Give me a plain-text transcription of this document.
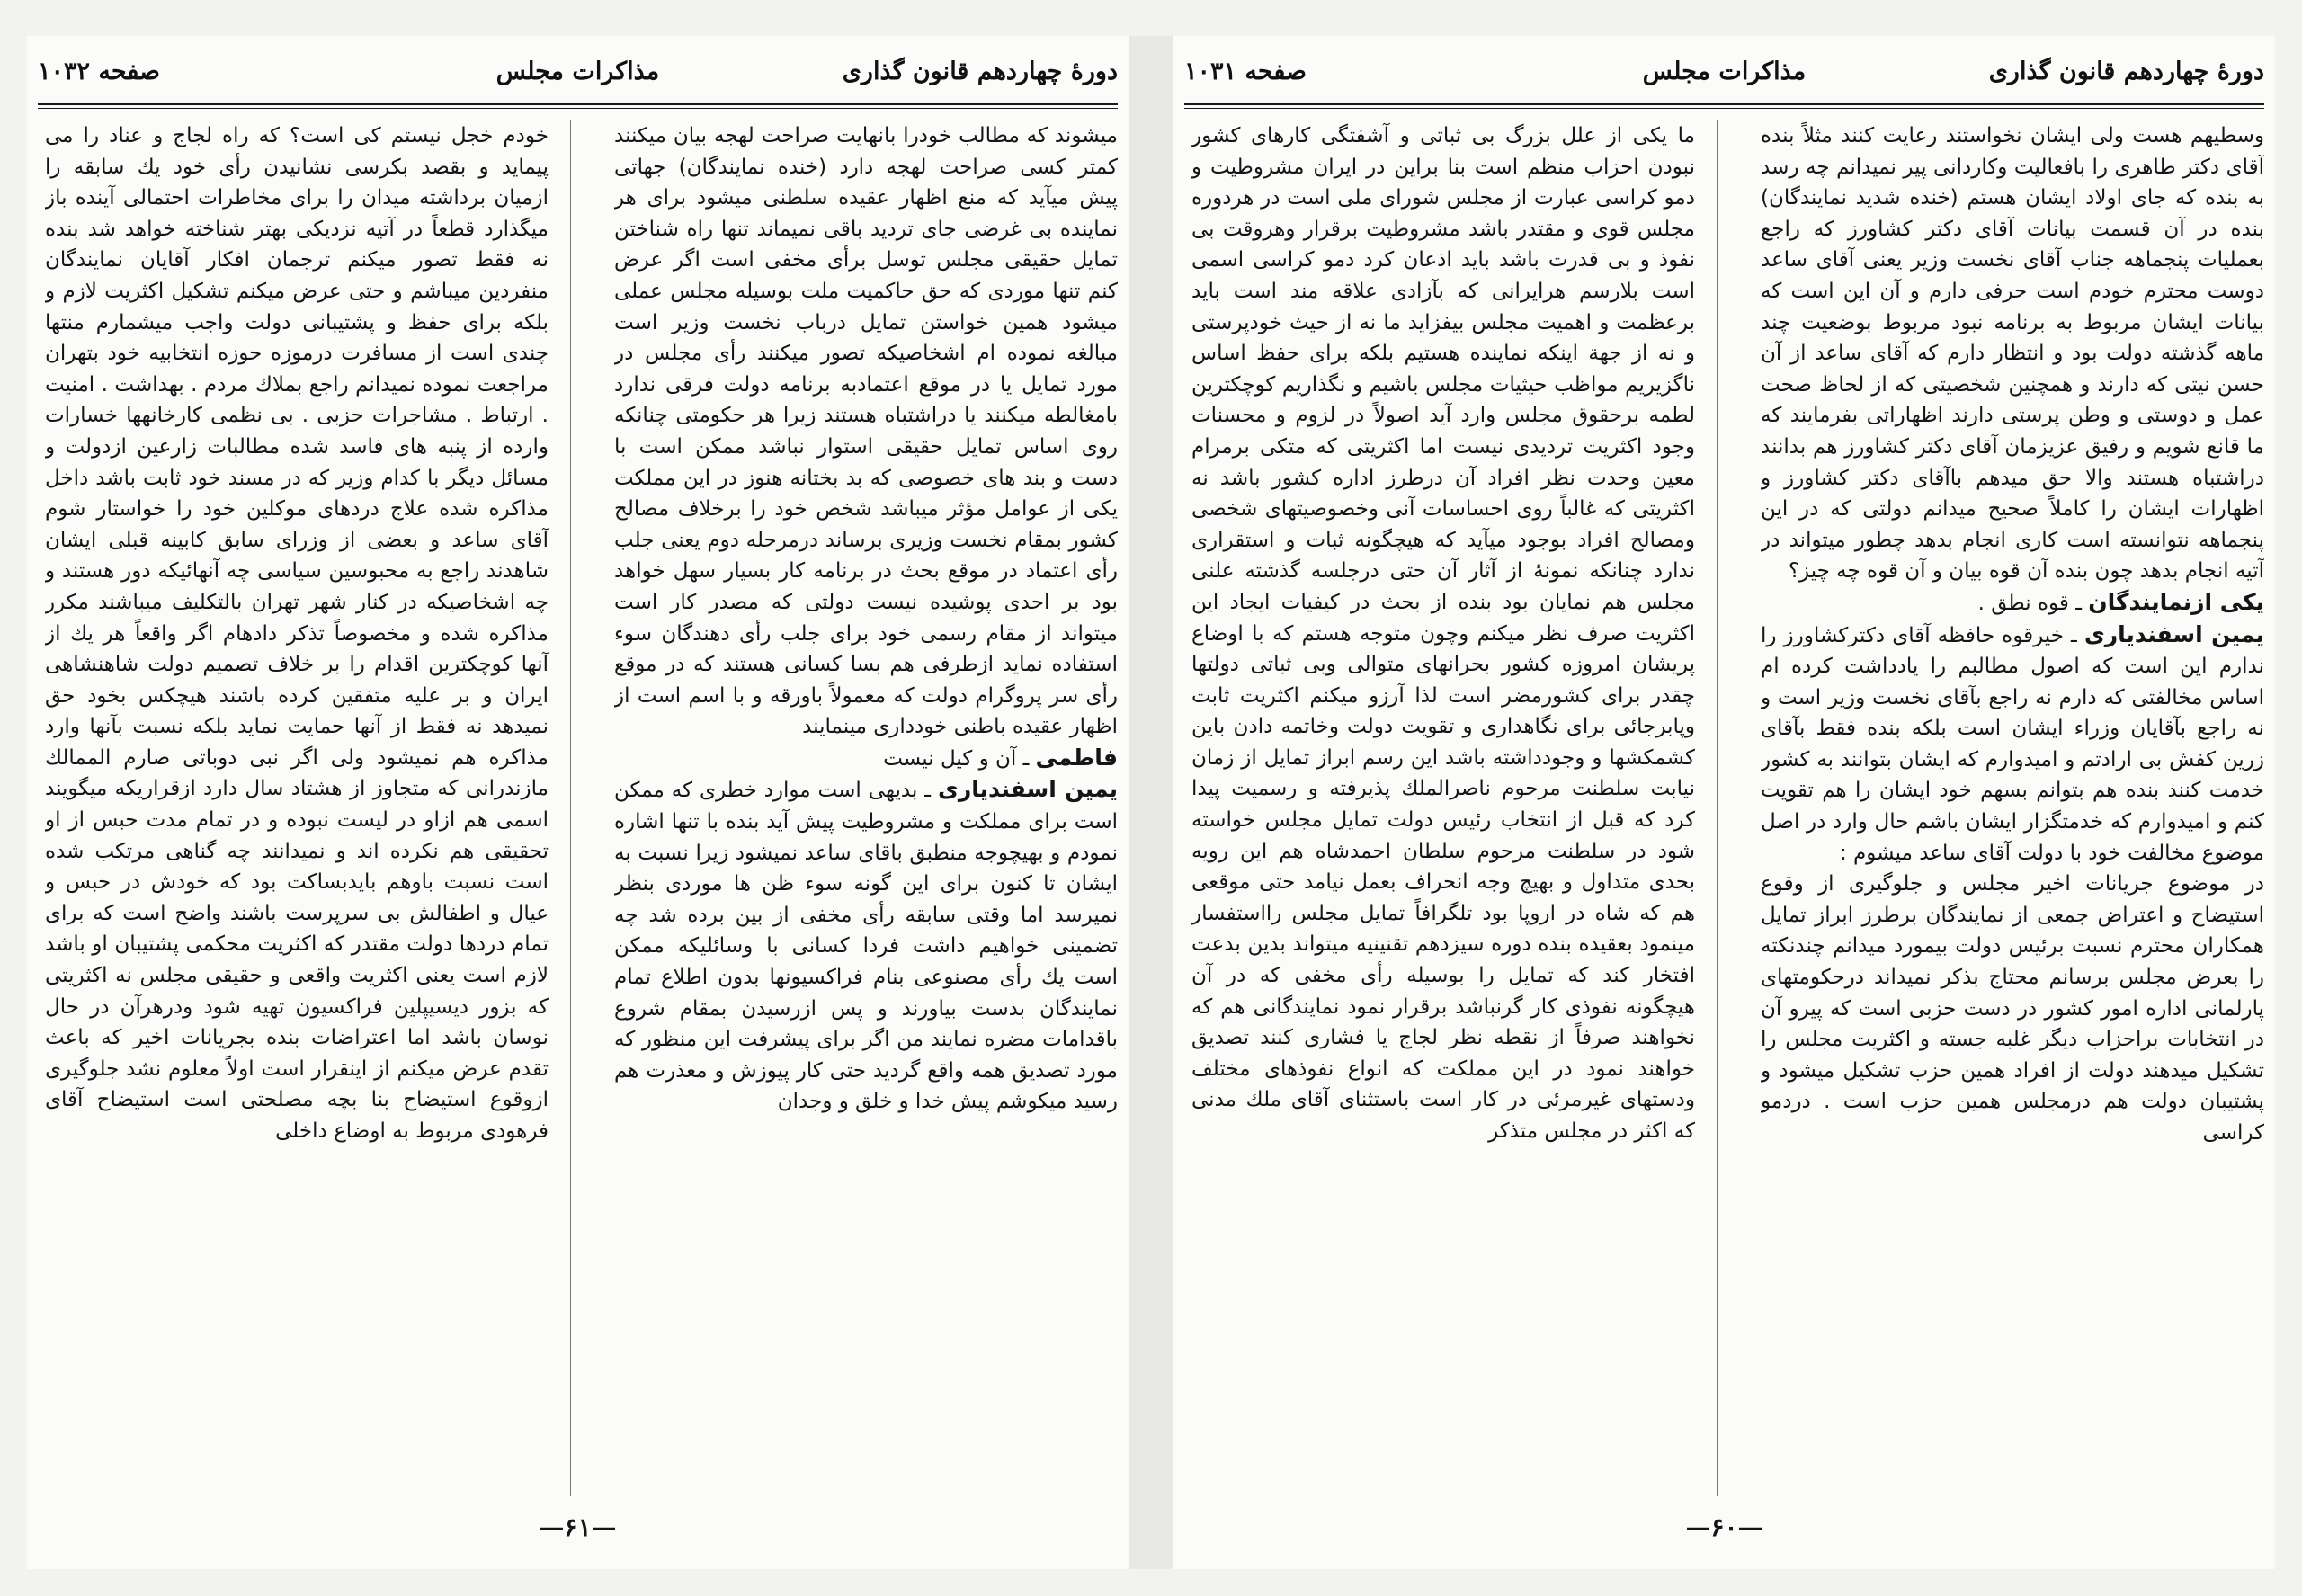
صفحه ۱۰۳۲	مذاکرات مجلس	دورهٔ چهاردهم قانون گذاری

میشوند که مطالب خودرا بانهایت صراحت لهجه بیان میکنند کمتر کسی صراحت لهجه دارد (خنده نمایندگان) جهاتی پیش میآید که منع اظهار عقیده سلطنی میشود برای هر نماینده بی غرضی جای تردید باقی نمیماند تنها راه شناختن تمایل حقیقی مجلس توسل برأی مخفی است اگر عرض کنم تنها موردی که حق حاکمیت ملت بوسیله مجلس عملی میشود همین خواستن تمایل درباب نخست وزیر است مبالغه نموده ام اشخاصیکه تصور میکنند رأی مجلس در مورد تمایل یا در موقع اعتمادبه برنامه دولت فرقی ندارد بامغالطه میکنند یا دراشتباه هستند زیرا هر حکومتی چنانکه روی اساس تمایل حقیقی استوار نباشد ممکن است با دست و بند های خصوصی که بد بختانه هنوز در این مملکت یکی از عوامل مؤثر میباشد شخص خود را برخلاف مصالح کشور بمقام نخست وزیری برساند درمرحله دوم یعنی جلب رأی اعتماد در موقع بحث در برنامه کار بسیار سهل خواهد بود بر احدی پوشیده نیست دولتی که مصدر کار است میتواند از مقام رسمی خود برای جلب رأی دهندگان سوء استفاده نماید ازطرفی هم بسا کسانی هستند که در موقع رأی سر پروگرام دولت که معمولاً باورقه و با اسم است از اظهار عقیده باطنی خودداری مینمایند

فاطمی ـ آن و کیل نیست

یمین اسفندیاری ـ بدیهی است موارد خطری که ممکن است برای مملکت و مشروطیت پیش آید بنده با تنها اشاره نمودم و بهیچوجه منطبق باقای ساعد نمیشود زیرا نسبت به ایشان تا کنون برای این گونه سوء ظن ها موردی بنظر نمیرسد اما وقتی سابقه رأی مخفی از بین برده شد چه تضمینی خواهیم داشت فردا کسانی با وسائلیکه ممکن است یك رأی مصنوعی بنام فراکسیونها بدون اطلاع تمام نمایندگان بدست بیاورند و پس ازرسیدن بمقام شروع باقدامات مضره نمایند من اگر برای پیشرفت این منظور که مورد تصدیق همه واقع گردید حتی کار پیوزش و معذرت هم رسید میکوشم پیش خدا و خلق و وجدان

خودم خجل نیستم کی است؟ که راه لجاج و عناد را می پیماید و بقصد بکرسی نشانیدن رأی خود یك سابقه را ازمیان برداشته میدان را برای مخاطرات احتمالی آینده باز میگذارد قطعاً در آتیه نزدیکی بهتر شناخته خواهد شد بنده نه فقط تصور میکنم ترجمان افکار آقایان نمایندگان منفردین میباشم و حتی عرض میکنم تشکیل اکثریت لازم و بلکه برای حفظ و پشتیبانی دولت واجب میشمارم منتها چندی است از مسافرت درموزه حوزه انتخابیه خود بتهران مراجعت نموده نمیدانم راجع بملاك مردم . بهداشت . امنیت . ارتباط . مشاجرات حزبی . بی نظمی کارخانهها خسارات وارده از پنبه های فاسد شده مطالبات زارعین ازدولت و مسائل دیگر با کدام وزیر که در مسند خود ثابت باشد داخل مذاکره شده علاج دردهای موکلین خود را خواستار شوم آقای ساعد و بعضی از وزرای سابق کابینه قبلی ایشان شاهدند راجع به محبوسین سیاسی چه آنهائیکه دور هستند و چه اشخاصیکه در کنار شهر تهران بالتکلیف میباشند مکرر مذاکره شده و مخصوصاً تذکر دادهام اگر واقعاً هر یك از آنها کوچکترین اقدام را بر خلاف تصمیم دولت شاهنشاهی ایران و بر علیه متفقین کرده باشند هیچکس بخود حق نمیدهد نه فقط از آنها حمایت نماید بلکه نسبت بآنها وارد مذاکره هم نمیشود ولی اگر نبی دوباتی صارم الممالك مازندرانی که متجاوز از هشتاد سال دارد ازقراریکه میگویند اسمی هم ازاو در لیست نبوده و در تمام مدت حبس از او تحقیقی هم نکرده اند و نمیدانند چه گناهی مرتکب شده است نسبت باوهم بایدبساکت بود که خودش در حبس و عیال و اطفالش بی سرپرست باشند واضح است که برای تمام دردها دولت مقتدر که اکثریت محکمی پشتیبان او باشد لازم است یعنی اکثریت واقعی و حقیقی مجلس نه اکثریتی که بزور دیسیپلین فراکسیون تهیه شود ودرهرآن در حال نوسان باشد اما اعتراضات بنده بجریانات اخیر که باعث تقدم عرض میکنم از اینقرار است اولاً معلوم نشد جلوگیری ازوقوع استیضاح بنا بچه مصلحتی است استیضاح آقای فرهودی مربوط به اوضاع داخلی

—۶۱—
صفحه ۱۰۳۱	مذاکرات مجلس	دورهٔ چهاردهم قانون گذاری

وسطیهم هست ولی ایشان نخواستند رعایت کنند مثلاً بنده آقای دکتر طاهری را بافعالیت وکاردانی پیر نمیدانم چه رسد به بنده که جای اولاد ایشان هستم (خنده شدید نمایندگان) بنده در آن قسمت بیانات آقای دکتر کشاورز که راجع بعملیات پنجماهه جناب آقای نخست وزیر یعنی آقای ساعد دوست محترم خودم است حرفی دارم و آن این است که بیانات ایشان مربوط به برنامه نبود مربوط بوضعیت چند ماهه گذشته دولت بود و انتظار دارم که آقای ساعد از آن حسن نیتی که دارند و همچنین شخصیتی که از لحاظ صحت عمل و دوستی و وطن پرستی دارند اظهاراتی بفرمایند که ما قانع شویم و رفیق عزیزمان آقای دکتر کشاورز هم بدانند دراشتباه هستند والا حق میدهم باآقای دکتر کشاورز و اظهارات ایشان را کاملاً صحیح میدانم دولتی که در این پنجماهه نتوانسته است کاری انجام بدهد چطور میتواند در آتیه انجام بدهد چون بنده آن قوه بیان و آن قوه چه چیز؟

یکی ازنمایندگان ـ قوه نطق .

یمین اسفندیاری ـ خیرقوه حافظه آقای دکترکشاورز را ندارم این است که اصول مطالبم را یادداشت کرده ام اساس مخالفتی که دارم نه راجع بآقای نخست وزیر است و نه راجع بآقایان وزراء ایشان است بلکه بنده فقط بآقای زرین کفش بی ارادتم و امیدوارم که ایشان بتوانند به کشور خدمت کنند بنده هم بتوانم بسهم خود ایشان را هم تقویت کنم و امیدوارم که خدمتگزار ایشان باشم حال وارد در اصل موضوع مخالفت خود با دولت آقای ساعد میشوم :

در موضوع جریانات اخیر مجلس و جلوگیری از وقوع استیضاح و اعتراض جمعی از نمایندگان برطرز ابراز تمایل همکاران محترم نسبت برئیس دولت بیمورد میدانم چندنکته را بعرض مجلس برسانم محتاج بذکر نمیداند درحکومتهای پارلمانی اداره امور کشور در دست حزبی است که پیرو آن در انتخابات براحزاب دیگر غلبه جسته و اکثریت مجلس را تشکیل میدهند دولت از افراد همین حزب تشکیل میشود و پشتیبان دولت هم درمجلس همین حزب است . دردمو کراسی

ما یکی از علل بزرگ بی ثباتی و آشفتگی کارهای کشور نبودن احزاب منظم است بنا براین در ایران مشروطیت و دمو کراسی عبارت از مجلس شورای ملی است در هردوره مجلس قوی و مقتدر باشد مشروطیت برقرار وهروقت بی نفوذ و بی قدرت باشد باید اذعان کرد دمو کراسی اسمی است بلارسم هرایرانی که بآزادی علاقه مند است باید برعظمت و اهمیت مجلس بیفزاید ما نه از حیث خودپرستی و نه از جهة اینکه نماینده هستیم بلکه برای حفظ اساس ناگزیریم مواظب حیثیات مجلس باشیم و نگذاریم کوچکترین لطمه برحقوق مجلس وارد آید اصولاً در لزوم و محسنات وجود اکثریت تردیدی نیست اما اکثریتی که متکی برمرام معین وحدت نظر افراد آن درطرز اداره کشور باشد نه اکثریتی که غالباً روی احساسات آنی وخصوصیتهای شخصی ومصالح افراد بوجود میآید که هیچگونه ثبات و استقراری ندارد چنانکه نمونهٔ از آثار آن حتی درجلسه گذشته علنی مجلس هم نمایان بود بنده از بحث در کیفیات ایجاد این اکثریت صرف نظر میکنم وچون متوجه هستم که با اوضاع پریشان امروزه کشور بحرانهای متوالی وبی ثباتی دولتها چقدر برای کشورمضر است لذا آرزو میکنم اکثریت ثابت وپابرجائی برای نگاهداری و تقویت دولت وخاتمه دادن باین کشمکشها و وجودداشته باشد این رسم ابراز تمایل از زمان نیابت سلطنت مرحوم ناصرالملك پذیرفته و رسمیت پیدا کرد که قبل از انتخاب رئیس دولت تمایل مجلس خواسته شود در سلطنت مرحوم سلطان احمدشاه هم این رویه بحدی متداول و بهیچ وجه انحراف بعمل نیامد حتی موقعی هم که شاه در اروپا بود تلگرافاً تمایل مجلس رااستفسار مینمود بعقیده بنده دوره سیزدهم تقنینیه میتواند بدین بدعت افتخار کند که تمایل را بوسیله رأی مخفی که در آن هیچگونه نفوذی کار گرنباشد برقرار نمود نمایندگانی هم که نخواهند صرفاً از نقطه نظر لجاج یا فشاری کنند تصدیق خواهند نمود در این مملکت که انواع نفوذهای مختلف ودستهای غیرمرئی در کار است باستثنای آقای ملك مدنی که اکثر در مجلس متذکر

—۶۰—
